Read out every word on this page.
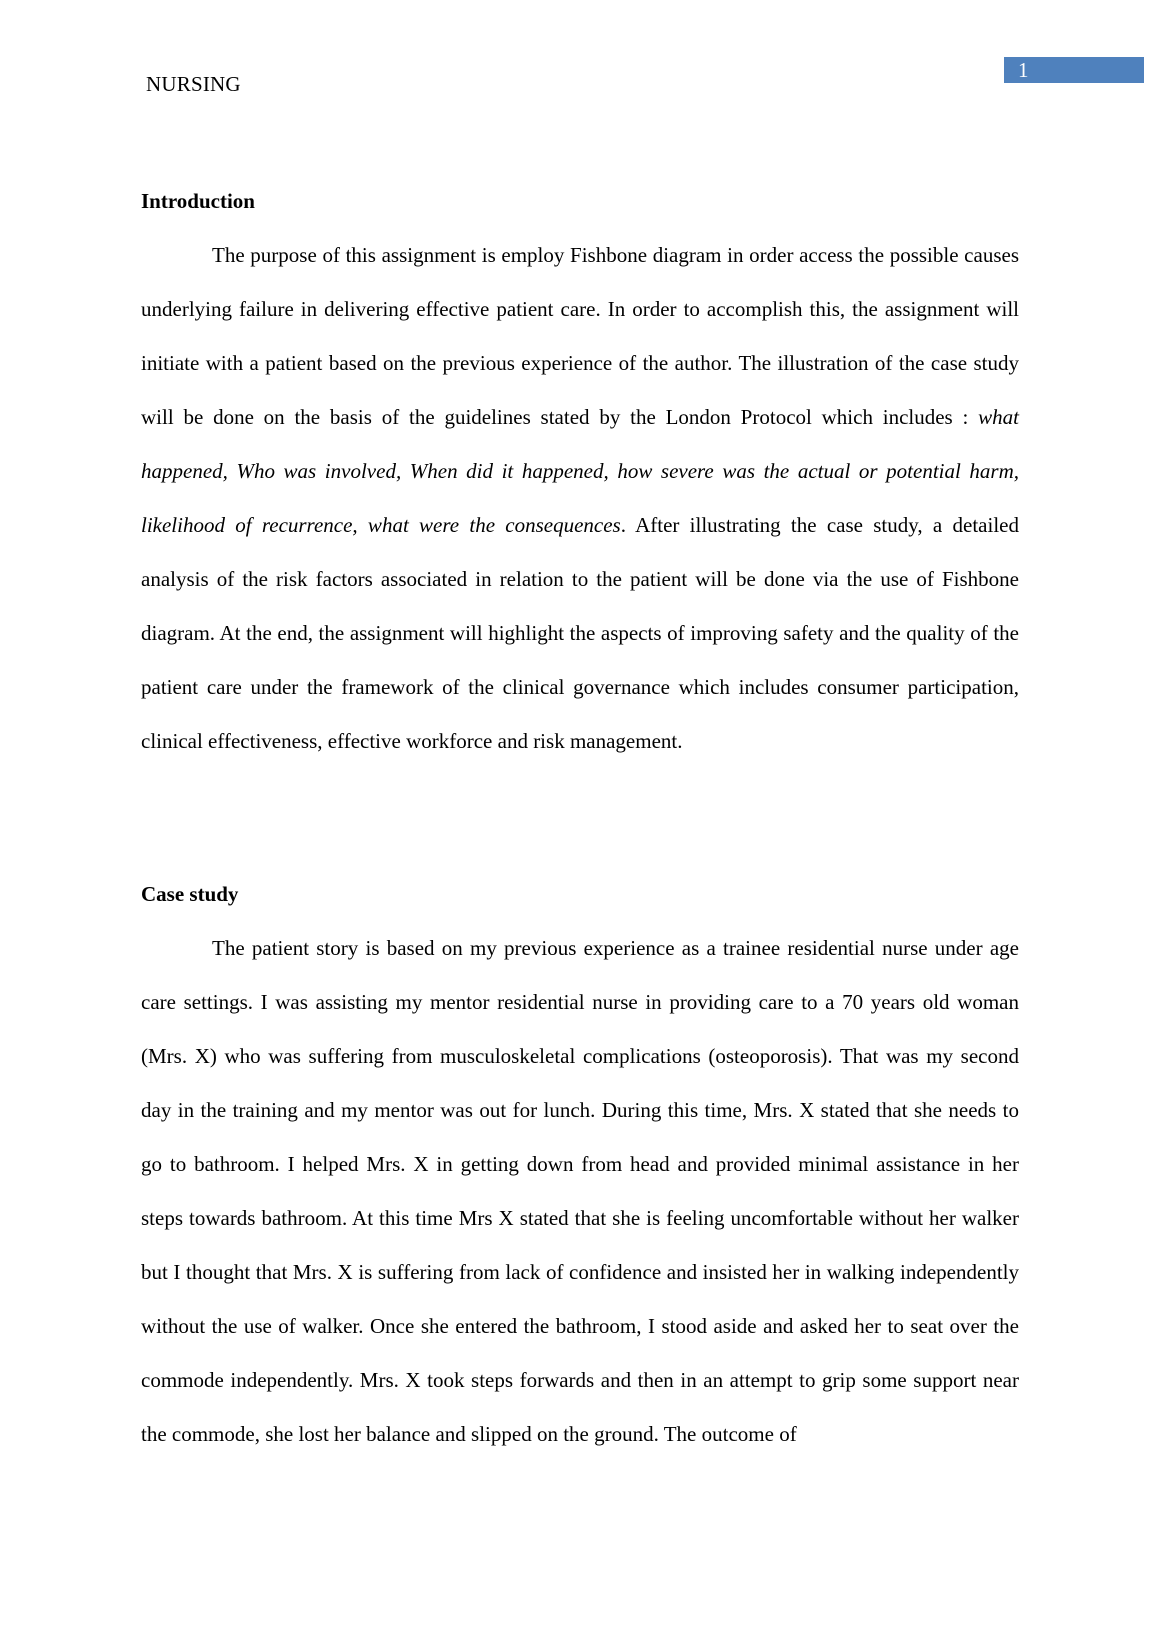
NURSING
1

Introduction

The purpose of this assignment is employ Fishbone diagram in order access the possible causes underlying failure in delivering effective patient care. In order to accomplish this, the assignment will initiate with a patient based on the previous experience of the author. The illustration of the case study will be done on the basis of the guidelines stated by the London Protocol which includes : what happened, Who was involved, When did it happened, how severe was the actual or potential harm, likelihood of recurrence, what were the consequences. After illustrating the case study, a detailed analysis of the risk factors associated in relation to the patient will be done via the use of Fishbone diagram. At the end, the assignment will highlight the aspects of improving safety and the quality of the patient care under the framework of the clinical governance which includes consumer participation, clinical effectiveness, effective workforce and risk management.

Case study

The patient story is based on my previous experience as a trainee residential nurse under age care settings. I was assisting my mentor residential nurse in providing care to a 70 years old woman (Mrs. X) who was suffering from musculoskeletal complications (osteoporosis). That was my second day in the training and my mentor was out for lunch. During this time, Mrs. X stated that she needs to go to bathroom. I helped Mrs. X in getting down from head and provided minimal assistance in her steps towards bathroom. At this time Mrs X stated that she is feeling uncomfortable without her walker but I thought that Mrs. X is suffering from lack of confidence and insisted her in walking independently without the use of walker. Once she entered the bathroom, I stood aside and asked her to seat over the commode independently. Mrs. X took steps forwards and then in an attempt to grip some support near the commode, she lost her balance and slipped on the ground. The outcome of
